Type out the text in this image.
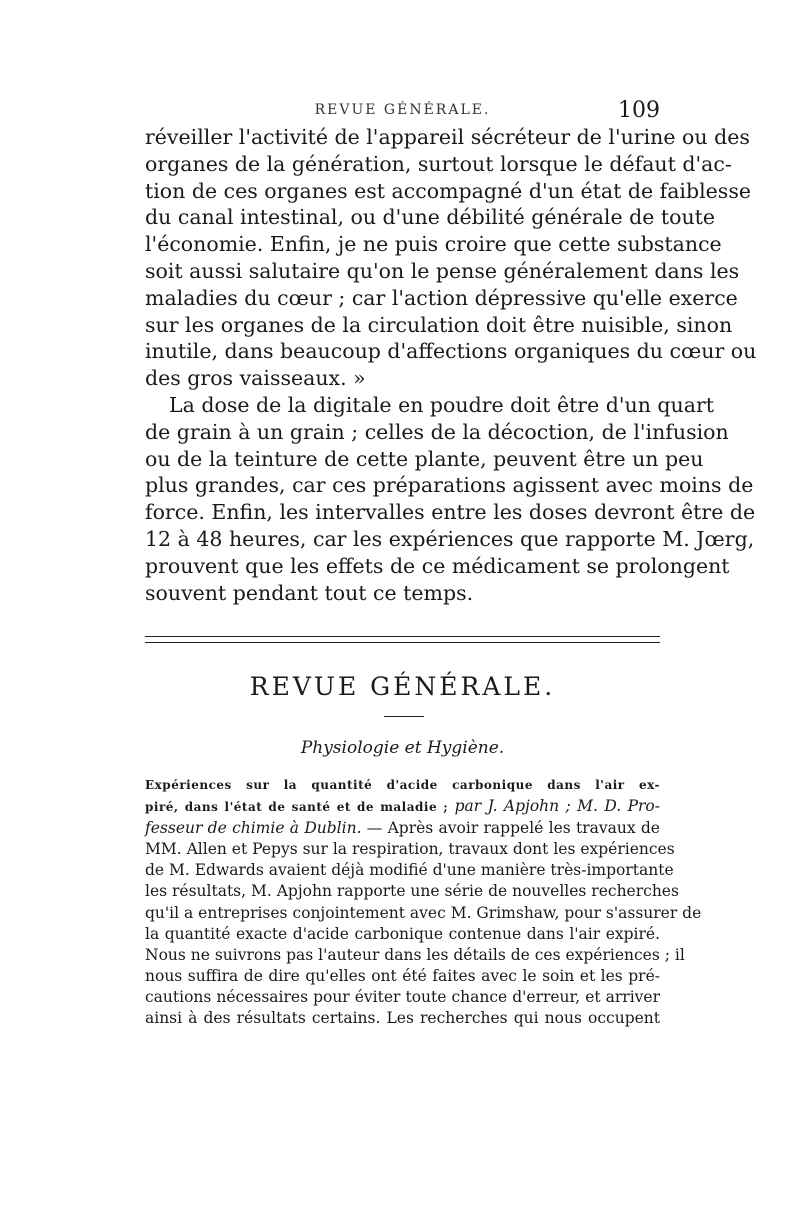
REVUE GÉNÉRALE.	109
réveiller l'activité de l'appareil sécréteur de l'urine ou des
organes de la génération, surtout lorsque le défaut d'ac-
tion de ces organes est accompagné d'un état de faiblesse
du canal intestinal, ou d'une débilité générale de toute
l'économie. Enfin, je ne puis croire que cette substance
soit aussi salutaire qu'on le pense généralement dans les
maladies du cœur ; car l'action dépressive qu'elle exerce
sur les organes de la circulation doit être nuisible, sinon
inutile, dans beaucoup d'affections organiques du cœur ou
des gros vaisseaux. »
La dose de la digitale en poudre doit être d'un quart
de grain à un grain ; celles de la décoction, de l'infusion
ou de la teinture de cette plante, peuvent être un peu
plus grandes, car ces préparations agissent avec moins de
force. Enfin, les intervalles entre les doses devront être de
12 à 48 heures, car les expériences que rapporte M. Jœrg,
prouvent que les effets de ce médicament se prolongent
souvent pendant tout ce temps.
REVUE GÉNÉRALE.
Physiologie et Hygiène.
Expériences sur la quantité d'acide carbonique dans l'air ex-
piré, dans l'état de santé et de maladie ; par J. Apjohn ; M. D. Pro-
fesseur de chimie à Dublin. — Après avoir rappelé les travaux de
MM. Allen et Pepys sur la respiration, travaux dont les expériences
de M. Edwards avaient déjà modifié d'une manière très-importante
les résultats, M. Apjohn rapporte une série de nouvelles recherches
qu'il a entreprises conjointement avec M. Grimshaw, pour s'assurer de
la quantité exacte d'acide carbonique contenue dans l'air expiré.
Nous ne suivrons pas l'auteur dans les détails de ces expériences ; il
nous suffira de dire qu'elles ont été faites avec le soin et les pré-
cautions nécessaires pour éviter toute chance d'erreur, et arriver
ainsi à des résultats certains. Les recherches qui nous occupent
